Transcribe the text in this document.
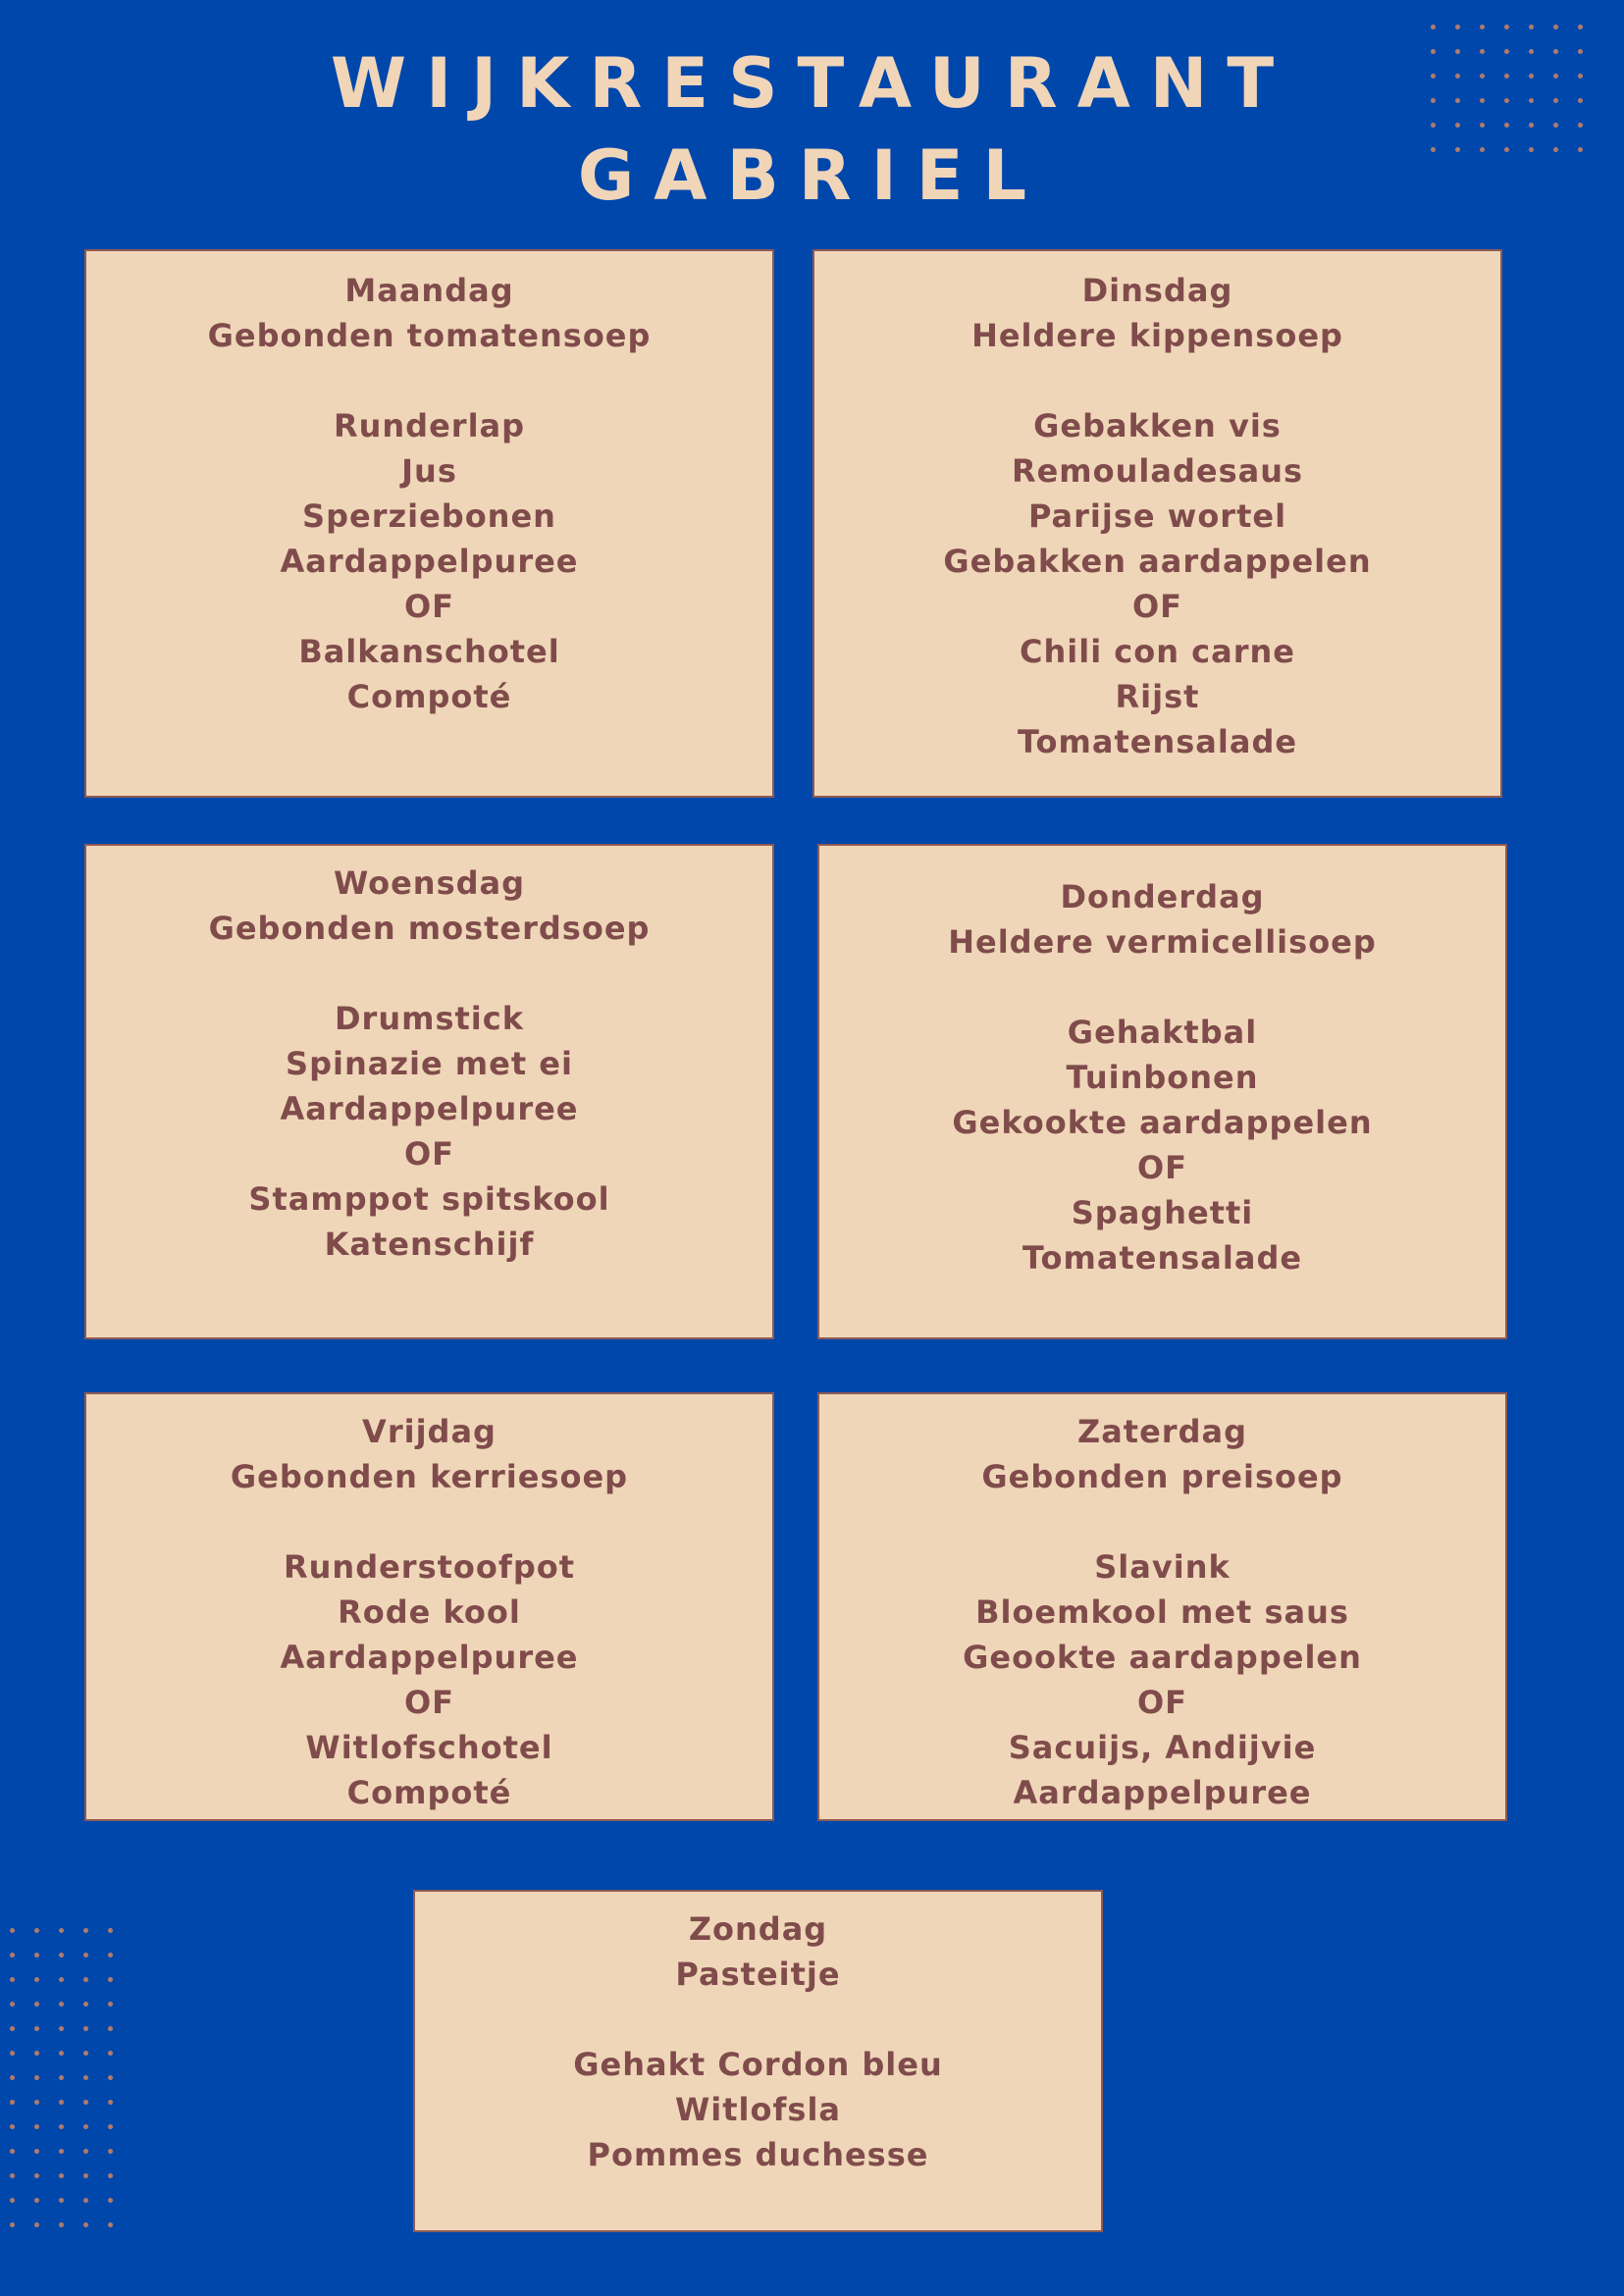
WIJKRESTAURANT
GABRIEL
Maandag
Gebonden tomatensoep
Runderlap
Jus
Sperziebonen
Aardappelpuree
OF
Balkanschotel
Compoté
Dinsdag
Heldere kippensoep
Gebakken vis
Remouladesaus
Parijse wortel
Gebakken aardappelen
OF
Chili con carne
Rijst
Tomatensalade
Woensdag
Gebonden mosterdsoep
Drumstick
Spinazie met ei
Aardappelpuree
OF
Stamppot spitskool
Katenschijf
Donderdag
Heldere vermicellisoep
Gehaktbal
Tuinbonen
Gekookte aardappelen
OF
Spaghetti
Tomatensalade
Vrijdag
Gebonden kerriesoep
Runderstoofpot
Rode kool
Aardappelpuree
OF
Witlofschotel
Compoté
Zaterdag
Gebonden preisoep
Slavink
Bloemkool met saus
Geookte aardappelen
OF
Sacuijs, Andijvie
Aardappelpuree
Zondag
Pasteitje
Gehakt Cordon bleu
Witlofsla
Pommes duchesse
